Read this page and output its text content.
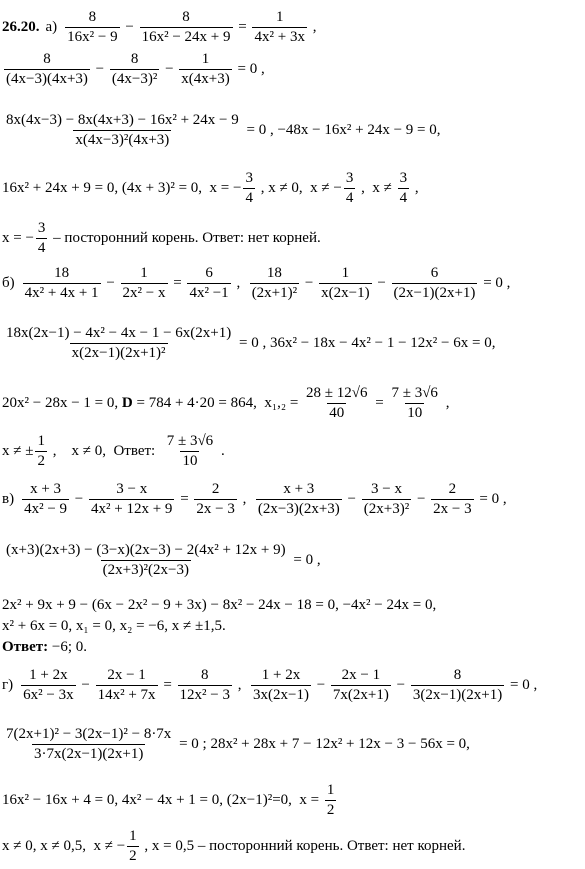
26.20. $а) \frac{8}{\text{16x² − 9}} - \frac{8}{\text{16x² − 24x + 9}} = \frac{1}{\text{4x² + 3x}}$ ,
$\frac{8}{(4x-3)(4x+3)} - \frac{8}{\text{(4x−3)²}} - \frac{1}{x(4x+3)} = 0$ ,
$\frac{\text{8x(4x−3) − 8x(4x+3) − 16x² + 24x − 9}}{\text{x(4x−3)²(4x+3)}} = 0$ , −48x − 16x² + 24x − 9 = 0,
16x² + 24x + 9 = 0, (4x + 3)² = 0,  x = − $\frac{3}{4}$ , x ≠ 0,  x ≠ − $\frac{3}{4}$ ,  $x \ne \frac{3}{4}$ ,
x = − $\frac{3}{4}$ – посторонний корень. Ответ: нет корней.
$б) \frac{18}{\text{4x² + 4x + 1}} - \frac{1}{\text{2x² − x}} = \frac{6}{\text{4x² −1}}$ , $\frac{18}{\text{(2x+1)²}} - \frac{1}{x(2x-1)} - \frac{6}{(2x-1)(2x+1)} = 0$ ,
$\frac{\text{18x(2x−1) − 4x² − 4x − 1 − 6x(2x+1)}}{\text{x(2x−1)(2x+1)²}} = 0$ , 36x² − 18x − 4x² − 1 − 12x² − 6x = 0,
20x² − 28x − 1 = 0, D = 784 + 4·20 = 864,  $x_1,_2 = \frac{28 \pm 12√6}{40} = \frac{7 \pm 3√6}{10}$ ,
x ≠ ± $\frac{1}{2}$ ,    x ≠ 0,  Ответ: $\frac{7 \pm 3√6}{10}$ .
$в) \frac{x + 3}{\text{4x² − 9}} - \frac{3 - x}{\text{4x² + 12x + 9}} = \frac{2}{2x - 3}$ , $\frac{x + 3}{(2x-3)(2x+3)} - \frac{3 - x}{\text{(2x+3)²}} - \frac{2}{2x - 3} = 0$ ,
$\frac{\text{(x+3)(2x+3) − (3−x)(2x−3) − 2(4x² + 12x + 9)}}{\text{(2x+3)²(2x−3)}} = 0$ ,
2x² + 9x + 9 − (6x − 2x² − 9 + 3x) − 8x² − 24x − 18 = 0, −4x² − 24x = 0,
x² + 6x = 0, x₁ = 0, x₂ = −6, x ≠ ±1,5.
Ответ: −6; 0.
$г) \frac{1 + 2x}{\text{6x² − 3x}} - \frac{2x - 1}{\text{14x² + 7x}} = \frac{8}{\text{12x² − 3}}$ , $\frac{1 + 2x}{3x(2x-1)} - \frac{2x - 1}{7x(2x+1)} - \frac{8}{3(2x-1)(2x+1)} = 0$ ,
$\frac{\text{7(2x+1)² − 3(2x−1)² − 8·7x}}{3\cdot 7x(2x-1)(2x+1)} = 0$ ; 28x² + 28x + 7 − 12x² + 12x − 3 − 56x = 0,
16x² − 16x + 4 = 0, 4x² − 4x + 1 = 0, (2x−1)²=0,  $x = \frac{1}{2}$
x ≠ 0, x ≠ 0,5,  x ≠ − $\frac{1}{2}$ , x = 0,5 – посторонний корень. Ответ: нет корней.
